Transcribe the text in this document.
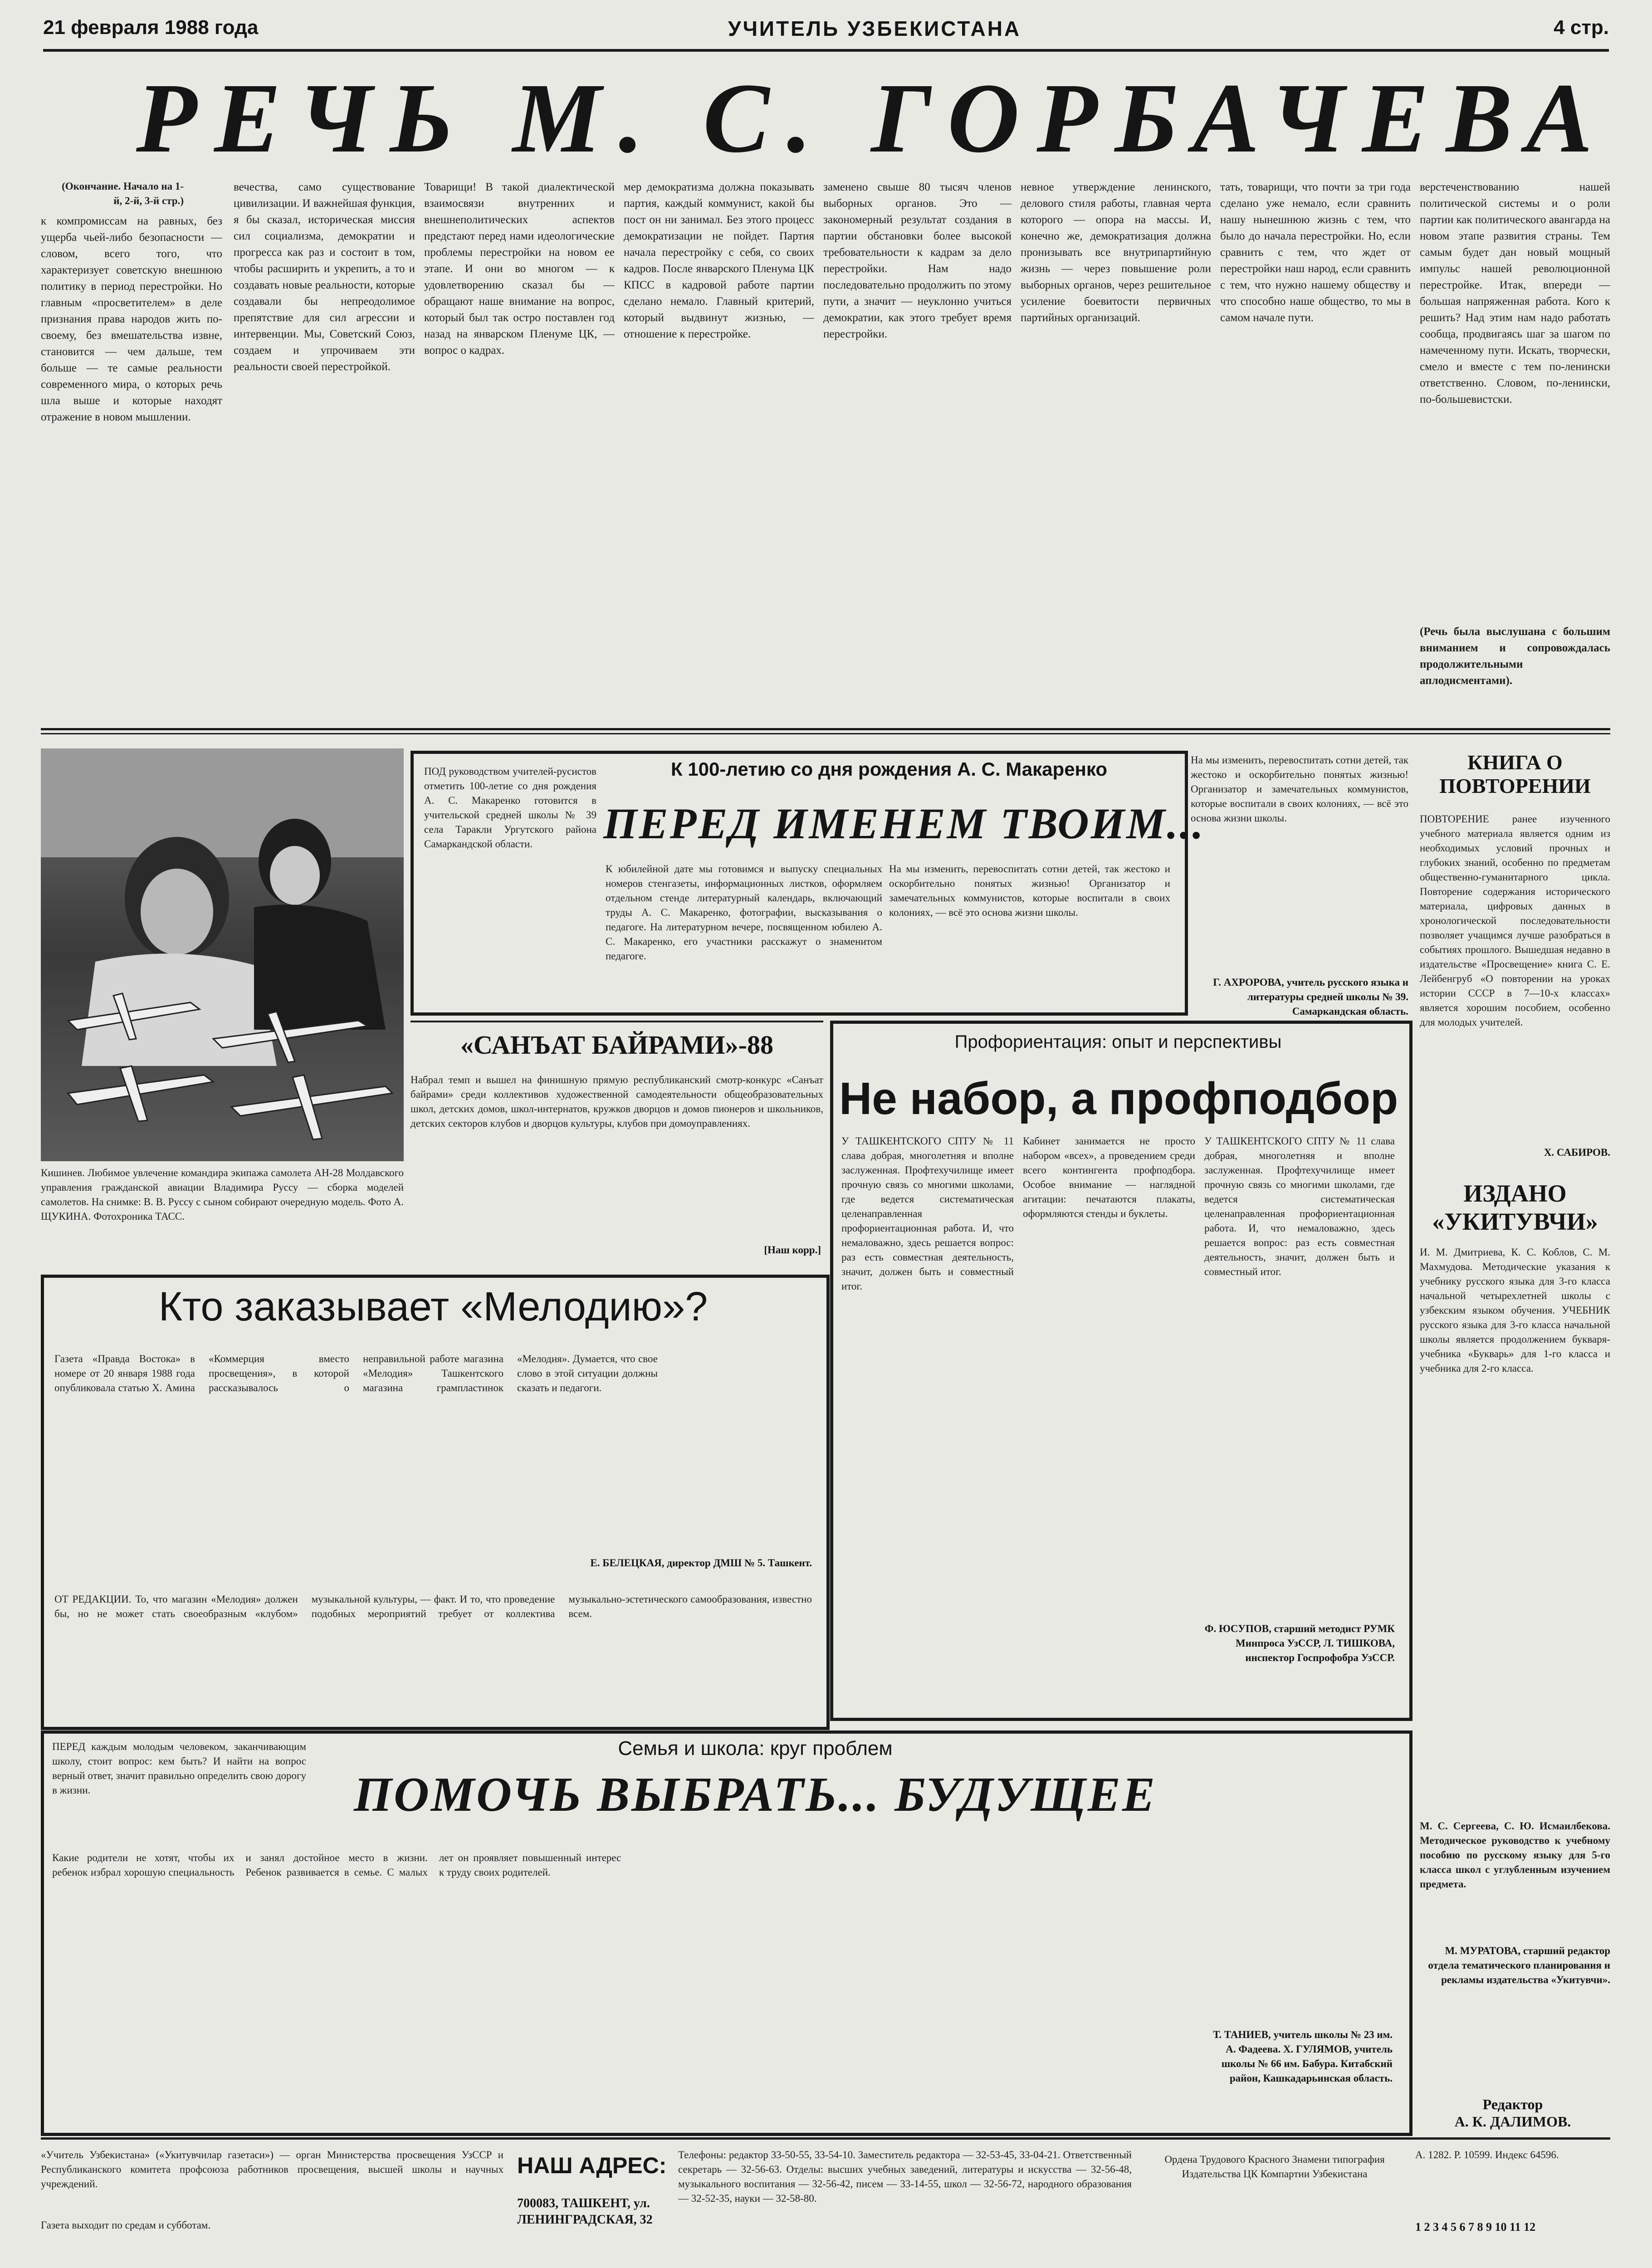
21 февраля 1988 года	УЧИТЕЛЬ УЗБЕКИСТАНА	4 стр.
РЕЧЬ М. С. ГОРБАЧЕВА
(Окончание. Начало на 1-й, 2-й, 3-й стр.)
к компромиссам на равных, без ущерба чьей-либо безопасности — словом, всего того, что характеризует советскую внешнюю политику в период перестройки. Но главным «просветителем» в деле признания права народов жить по-своему, без вмешательства извне, становится — чем дальше, тем больше — те самые реальности современного мира, о которых речь шла выше и которые находят отражение в новом мышлении.
вечества, само существование цивилизации. И важнейшая функция, я бы сказал, историческая миссия сил социализма, демократии и прогресса как раз и состоит в том, чтобы расширить и укрепить, а то и создавать новые реальности, которые создавали бы непреодолимое препятствие для сил агрессии и интервенции. Мы, Советский Союз, создаем и упрочиваем эти реальности своей перестройкой.
Товарищи! В такой диалектической взаимосвязи внутренних и внешнеполитических аспектов предстают перед нами идеологические проблемы перестройки на новом ее этапе. И они во многом — к удовлетворению сказал бы — обращают наше внимание на вопрос, который был так остро поставлен год назад на январском Пленуме ЦК, — вопрос о кадрах.
мер демократизма должна показывать партия, каждый коммунист, какой бы пост он ни занимал. Без этого процесс демократизации не пойдет. Партия начала перестройку с себя, со своих кадров. После январского Пленума ЦК КПСС в кадровой работе партии сделано немало. Главный критерий, который выдвинут жизнью, — отношение к перестройке.
заменено свыше 80 тысяч членов выборных органов. Это — закономерный результат создания в партии обстановки более высокой требовательности к кадрам за дело перестройки. Нам надо последовательно продолжить по этому пути, а значит — неуклонно учиться демократии, как этого требует время перестройки.
невное утверждение ленинского, делового стиля работы, главная черта которого — опора на массы. И, конечно же, демократизация должна пронизывать все внутрипартийную жизнь — через повышение роли выборных органов, через решительное усиление боевитости первичных партийных организаций.
тать, товарищи, что почти за три года сделано уже немало, если сравнить нашу нынешнюю жизнь с тем, что было до начала перестройки. Но, если сравнить с тем, что ждет от перестройки наш народ, если сравнить с тем, что нужно нашему обществу и что способно наше общество, то мы в самом начале пути.
верстеченствованию нашей политической системы и о роли партии как политического авангарда на новом этапе развития страны. Тем самым будет дан новый мощный импульс нашей революционной перестройке. Итак, впереди — большая напряженная работа. Кого к решить? Над этим нам надо работать сообща, продвигаясь шаг за шагом по намеченному пути. Искать, творчески, смело и вместе с тем по-ленински ответственно. Словом, по-ленински, по-большевистски.
(Речь была выслушана с большим вниманием и сопровождалась продолжительными аплодисментами).
Кишинев. Любимое увлечение командирa экипажа самолета АН-28 Молдавского управления гражданской авиации Владимира Руссу — сборка моделей самолетов. На снимке: В. В. Руссу с сыном собирают очередную модель. Фото А. ЩУКИНА. Фотохроника ТАСС.
ПОД руководством учителей-русистов отметить 100-летие со дня рождения А. С. Макаренко готовится в учительской средней школы № 39 села Таракли Ургутского района Самаркандской области.
К 100-летию со дня рождения А. С. Макаренко
ПЕРЕД ИМЕНЕМ ТВОИМ...
К юбилейной дате мы готовимся и выпуску специальных номеров стенгазеты, информационных листков, оформляем отдельном стенде литературный календарь, включающий труды А. С. Макаренко, фотографии, высказывания о педагоге. На литературном вечере, посвященном юбилею А. С. Макаренко, его участники расскажут о знаменитом педагоге.
На мы изменить, перевоспитать сотни детей, так жестоко и оскорбительно понятых жизнью! Организатор и замечательных коммунистов, которые воспитали в своих колониях, — всё это основа жизни школы.
На мы изменить, перевоспитать сотни детей, так жестоко и оскорбительно понятых жизнью! Организатор и замечательных коммунистов, которые воспитали в своих колониях, — всё это основа жизни школы.
Г. АХРОРОВА, учитель русского языка и литературы средней школы № 39. Самаркандская область.
КНИГА О ПОВТОРЕНИИ
ПОВТОРЕНИЕ ранее изученного учебного материала является одним из необходимых условий прочных и глубоких знаний, особенно по предметам общественно-гуманитарного цикла. Повторение содержания исторического материала, цифровых данных в хронологической последовательности позволяет учащимся лучше разобраться в событиях прошлого. Вышедшая недавно в издательстве «Просвещение» книга С. Е. Лейбенгруб «О повторении на уроках истории СССР в 7—10-х классах» является хорошим пособием, особенно для молодых учителей.
Х. САБИРОВ.
«САНЪАТ БАЙРАМИ»-88
Набрал темп и вышел на финишную прямую республиканский смотр-конкурс «Санъат байрами» среди коллективов художественной самодеятельности общеобразовательных школ, детских домов, школ-интернатов, кружков дворцов и домов пионеров и школьников, детских секторов клубов и дворцов культуры, клубов при домоуправлениях.
[Наш корр.]
Профориентация: опыт и перспективы
Не набор, а профподбор
У ТАШКЕНТСКОГО СПТУ № 11 слава добрая, многолетняя и вполне заслуженная. Профтехучилище имеет прочную связь со многими школами, где ведется систематическая целенаправленная профориентационная работа. И, что немаловажно, здесь решается вопрос: раз есть совместная деятельность, значит, должен быть и совместный итог.
Кабинет занимается не просто набором «всех», а проведением среди всего контингента профподбора. Особое внимание — наглядной агитации: печатаются плакаты, оформляются стенды и буклеты.
У ТАШКЕНТСКОГО СПТУ № 11 слава добрая, многолетняя и вполне заслуженная. Профтехучилище имеет прочную связь со многими школами, где ведется систематическая целенаправленная профориентационная работа. И, что немаловажно, здесь решается вопрос: раз есть совместная деятельность, значит, должен быть и совместный итог.
Ф. ЮСУПОВ, старший методист РУМК Минпроса УзССР, Л. ТИШКОВА, инспектор Госпрофобра УзССР.
Кто заказывает «Мелодию»?
Газета «Правда Востока» в номере от 20 января 1988 года опубликовала статью Х. Амина «Коммерция вместо просвещения», в которой рассказывалось о неправильной работе магазина «Мелодия» Ташкентского магазина грампластинок «Мелодия». Думается, что свое слово в этой ситуации должны сказать и педагоги.
Е. БЕЛЕЦКАЯ, директор ДМШ № 5. Ташкент.
ОТ РЕДАКЦИИ. То, что магазин «Мелодия» должен бы, но не может стать своеобразным «клубом» музыкальной культуры, — факт. И то, что проведение подобных мероприятий требует от коллектива музыкально-эстетического самообразования, известно всем.
ИЗДАНО «УКИТУВЧИ»
И. М. Дмитриева, К. С. Коблов, С. М. Махмудова. Методические указания к учебнику русского языка для 3-го класса начальной четырехлетней школы с узбекским языком обучения. УЧЕБНИК русского языка для 3-го класса начальной школы является продолжением букваря-учебника «Букварь» для 1-го класса и учебника для 2-го класса.
М. С. Сергеева, С. Ю. Исмаилбекова. Методическое руководство к учебному пособию по русскому языку для 5-го класса школ с углубленным изучением предмета.
М. МУРАТОВА, старший редактор отдела тематического планирования и рекламы издательства «Укитувчи».
ПЕРЕД каждым молодым человеком, заканчивающим школу, стоит вопрос: кем быть? И найти на вопрос верный ответ, значит правильно определить свою дорогу в жизни.
Семья и школа: круг проблем
ПОМОЧЬ ВЫБРАТЬ... БУДУЩЕЕ
Какие родители не хотят, чтобы их ребенок избрал хорошую специальность и занял достойное место в жизни. Ребенок развивается в семье. С малых лет он проявляет повышенный интерес к труду своих родителей.
Т. ТАНИЕВ, учитель школы № 23 им. А. Фадеева. Х. ГУЛЯМОВ, учитель школы № 66 им. Бабура. Китабский район, Кашкадарьинская область.
Редактор
А. К. ДАЛИМОВ.
«Учитель Узбекистана» («Укитувчилар газетаси») — орган Министерства просвещения УзССР и Республиканского комитета профсоюза работников просвещения, высшей школы и научных учреждений.
Газета выходит по средам и субботам.
НАШ АДРЕС:
700083, ТАШКЕНТ, ул. ЛЕНИНГРАДСКАЯ, 32
Телефоны: редактор 33-50-55, 33-54-10. Заместитель редактора — 32-53-45, 33-04-21. Ответственный секретарь — 32-56-63. Отделы: высших учебных заведений, литературы и искусства — 32-56-48, музыкального воспитания — 32-56-42, писем — 33-14-55, школ — 32-56-72, народного образования — 32-52-35, науки — 32-58-80.
Ордена Трудового Красного Знамени типография Издательства ЦК Компартии Узбекистана
А. 1282. Р. 10599. Индекс 64596.
1 2 3 4 5 6 7 8 9 10 11 12
